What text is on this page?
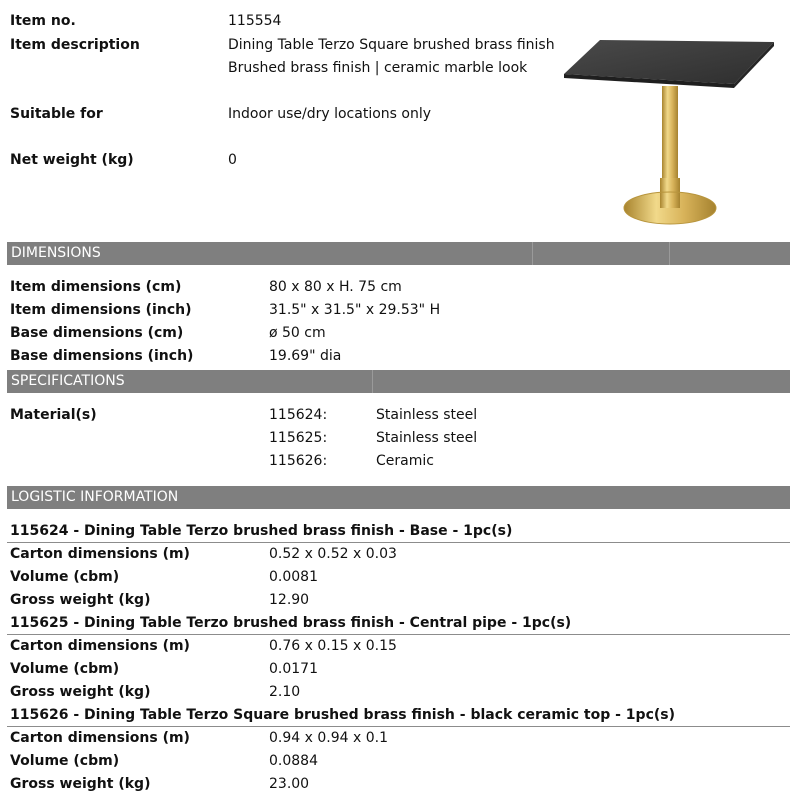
Item no.	115554
Item description	Dining Table Terzo Square brushed brass finish
Brushed brass finish | ceramic marble look
Suitable for	Indoor use/dry locations only
Net weight (kg)	0
DIMENSIONS
Item dimensions (cm)	80 x 80 x H. 75 cm
Item dimensions (inch)	31.5" x 31.5" x 29.53" H
Base dimensions (cm)	ø 50 cm
Base dimensions (inch)	19.69" dia
SPECIFICATIONS
Material(s)	115624:	Stainless steel
115625:	Stainless steel
115626:	Ceramic
LOGISTIC INFORMATION
115624 - Dining Table Terzo brushed brass finish - Base - 1pc(s)
Carton dimensions (m)	0.52 x 0.52 x 0.03
Volume (cbm)	0.0081
Gross weight (kg)	12.90
115625 - Dining Table Terzo brushed brass finish - Central pipe - 1pc(s)
Carton dimensions (m)	0.76 x 0.15 x 0.15
Volume (cbm)	0.0171
Gross weight (kg)	2.10
115626 - Dining Table Terzo Square brushed brass finish - black ceramic top - 1pc(s)
Carton dimensions (m)	0.94 x 0.94 x 0.1
Volume (cbm)	0.0884
Gross weight (kg)	23.00
